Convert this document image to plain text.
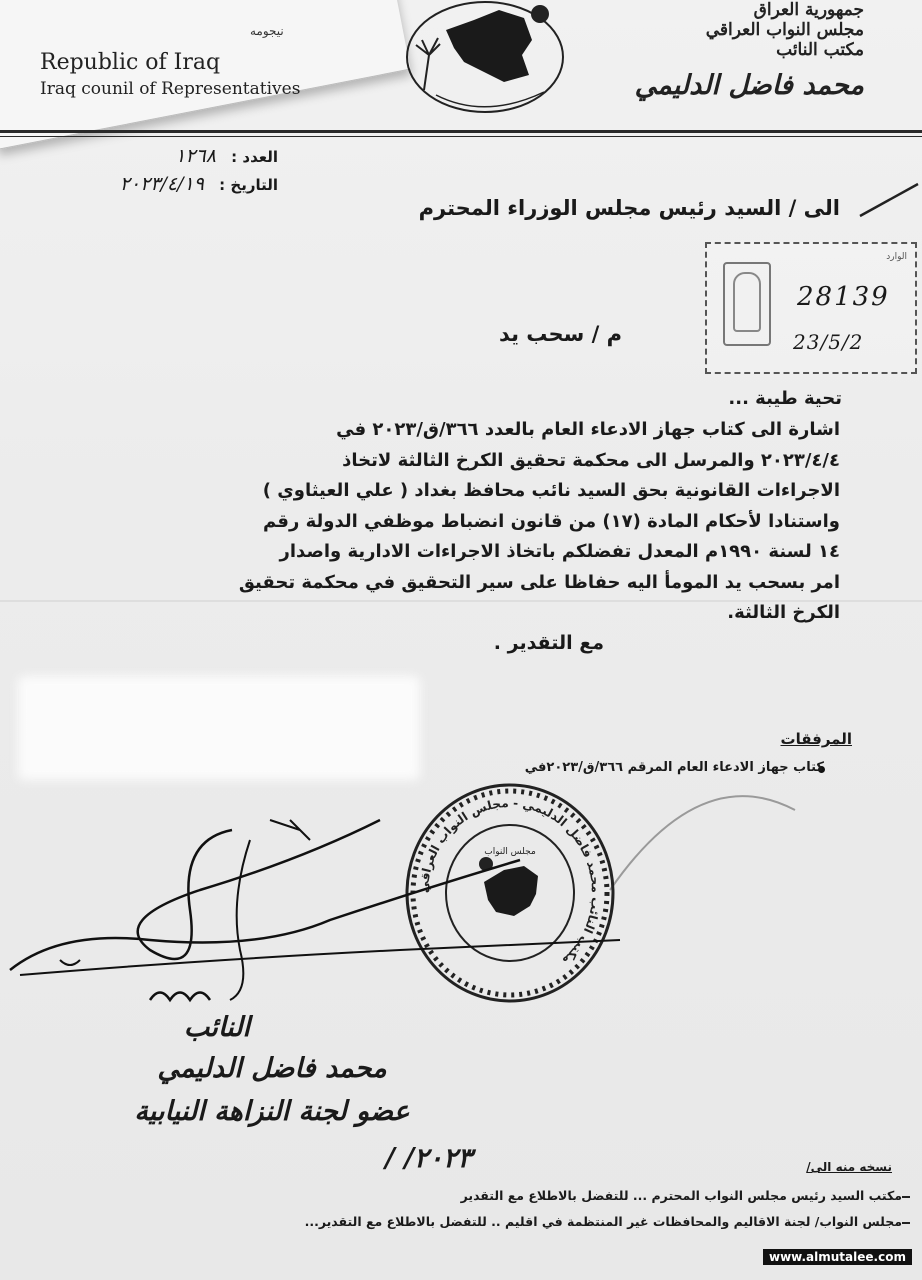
Republic of Iraq
Iraq counil of Representatives
نيجومه
جمهورية العراق
مجلس النواب العراقي
مكتب النائب
محمد فاضل الدليمي
العدد : ١٢٦٨
التاريخ : ٢٠٢٣/٤/١٩
الى / السيد رئيس مجلس الوزراء المحترم
الوارد
28139
23/5/2
م / سحب يد
تحية طيبة ...
اشارة الى كتاب جهاز الادعاء العام بالعدد ٣٦٦/ق/٢٠٢٣ في
٢٠٢٣/٤/٤ والمرسل الى محكمة تحقيق الكرخ الثالثة لاتخاذ
الاجراءات القانونية بحق السيد نائب محافظ بغداد ( علي العيثاوي )
واستنادا لأحكام المادة (١٧) من قانون انضباط موظفي الدولة رقم
١٤ لسنة ١٩٩٠م المعدل تفضلكم باتخاذ الاجراءات الادارية واصدار
امر بسحب يد المومأ اليه حفاظا على سير التحقيق في محكمة تحقيق
الكرخ الثالثة.
مع التقدير .
المرفقات
كتاب جهاز الادعاء العام المرقم ٣٦٦/ق/٢٠٢٣في
مكتب النائب محمد فاضل الدليمي - مجلس النواب العراقي
مجلس النواب
النائب
محمد فاضل الدليمي
عضو لجنة النزاهة النيابية
٢٠٢٣/ /	نسخه منه الى/
مكتب السيد رئيس مجلس النواب المحترم ... للتفضل بالاطلاع مع التقدير
مجلس النواب/ لجنة الاقاليم والمحافظات غير المنتظمة في اقليم .. للتفضل بالاطلاع مع التقدير...
www.almutalee.com
